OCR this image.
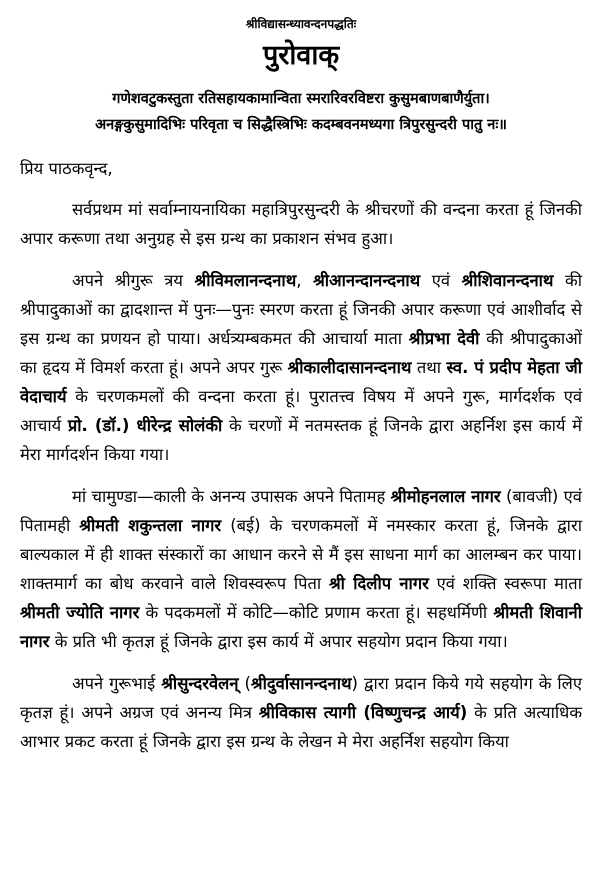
श्रीविद्यासन्ध्यावन्दनपद्धतिः
पुरोवाक्
गणेशवटुकस्तुता रतिसहायकामान्विता स्मरारिवरविष्टरा कुसुमबाणबाणैर्युता।
अनङ्गकुसुमादिभिः परिवृता च सिद्धैस्त्रिभिः कदम्बवनमध्यगा त्रिपुरसुन्दरी पातु नः॥
प्रिय पाठकवृन्द,

सर्वप्रथम मां सर्वाम्नायनायिका महात्रिपुरसुन्दरी के श्रीचरणों की वन्दना करता हूं जिनकी अपार करूणा तथा अनुग्रह से इस ग्रन्थ का प्रकाशन संभव हुआ।

अपने श्रीगुरू त्रय श्रीविमलानन्दनाथ, श्रीआनन्दानन्दनाथ एवं श्रीशिवानन्दनाथ की श्रीपादुकाओं का द्वादशान्त में पुनः—पुनः स्मरण करता हूं जिनकी अपार करूणा एवं आशीर्वाद से इस ग्रन्थ का प्रणयन हो पाया। अर्धत्र्यम्बकमत की आचार्या माता श्रीप्रभा देवी की श्रीपादुकाओं का हृदय में विमर्श करता हूं। अपने अपर गुरू श्रीकालीदासानन्दनाथ तथा स्व. पं प्रदीप मेहता जी वेदाचार्य के चरणकमलों की वन्दना करता हूं। पुरातत्त्व विषय में अपने गुरू, मार्गदर्शक एवं आचार्य प्रो. (डॉ.) धीरेन्द्र सोलंकी के चरणों में नतमस्तक हूं जिनके द्वारा अहर्निश इस कार्य में मेरा मार्गदर्शन किया गया।

मां चामुण्डा—काली के अनन्य उपासक अपने पितामह श्रीमोहनलाल नागर (बावजी) एवं पितामही श्रीमती शकुन्तला नागर (बई) के चरणकमलों में नमस्कार करता हूं, जिनके द्वारा बाल्यकाल में ही शाक्त संस्कारों का आधान करने से मैं इस साधना मार्ग का आलम्बन कर पाया। शाक्तमार्ग का बोध करवाने वाले शिवस्वरूप पिता श्री दिलीप नागर एवं शक्ति स्वरूपा माता श्रीमती ज्योति नागर के पदकमलों में कोटि—कोटि प्रणाम करता हूं। सहधर्मिणी श्रीमती शिवानी नागर के प्रति भी कृतज्ञ हूं जिनके द्वारा इस कार्य में अपार सहयोग प्रदान किया गया।

अपने गुरूभाई श्रीसुन्दरवेलन् (श्रीदुर्वासानन्दनाथ) द्वारा प्रदान किये गये सहयोग के लिए कृतज्ञ हूं। अपने अग्रज एवं अनन्य मित्र श्रीविकास त्यागी (विष्णुचन्द्र आर्य) के प्रति अत्याधिक आभार प्रकट करता हूं जिनके द्वारा इस ग्रन्थ के लेखन मे मेरा अहर्निश सहयोग किया
